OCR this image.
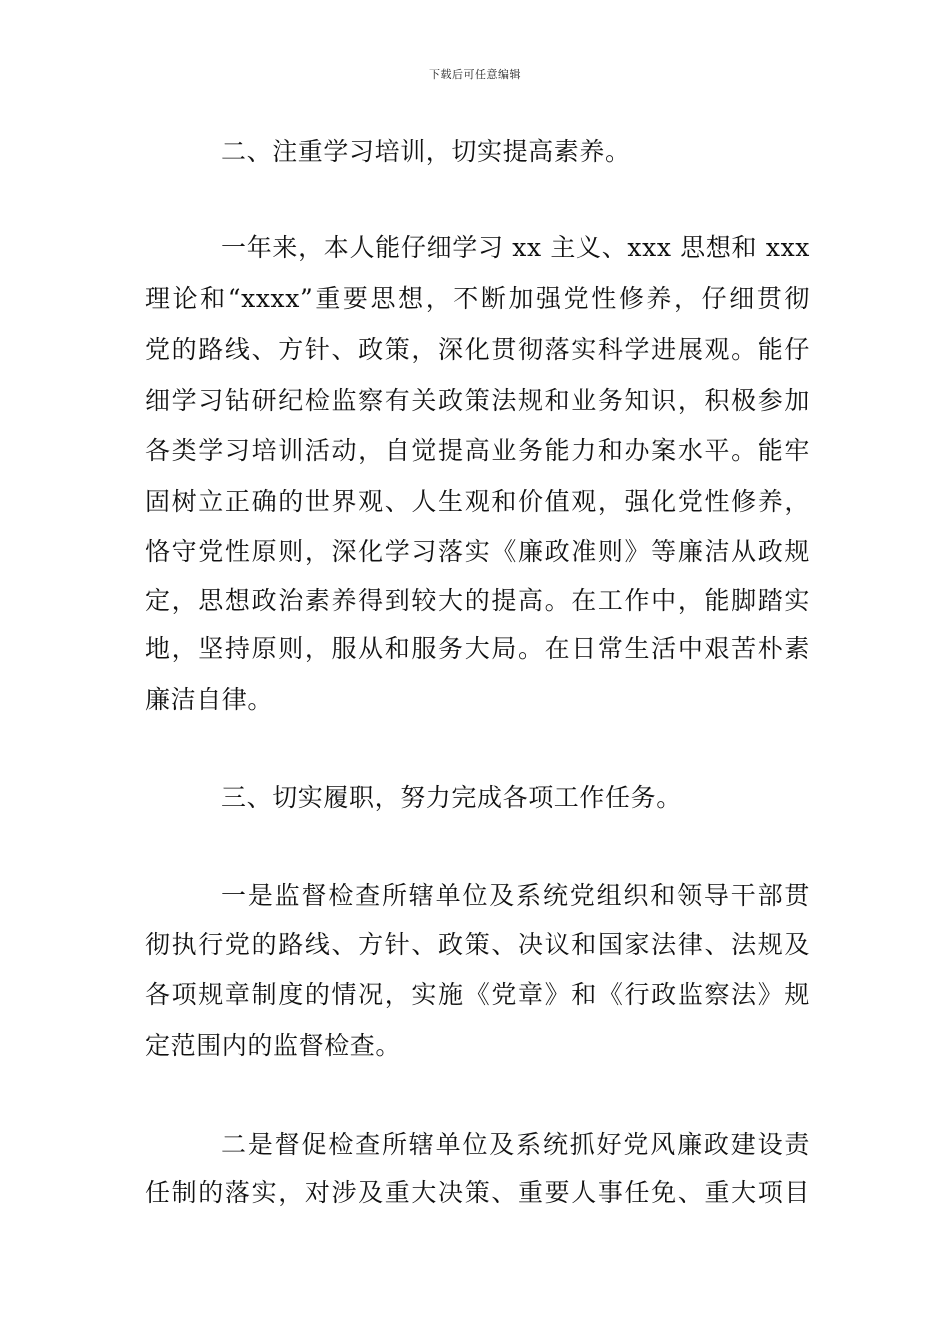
下载后可任意编辑
二、注重学习培训，切实提高素养。
一年来，本人能仔细学习 xx 主义、xxx 思想和 xxx
理论和“xxxx”重要思想，不断加强党性修养，仔细贯彻
党的路线、方针、政策，深化贯彻落实科学进展观。能仔
细学习钻研纪检监察有关政策法规和业务知识，积极参加
各类学习培训活动，自觉提高业务能力和办案水平。能牢
固树立正确的世界观、人生观和价值观，强化党性修养，
恪守党性原则，深化学习落实《廉政准则》等廉洁从政规
定，思想政治素养得到较大的提高。在工作中，能脚踏实
地，坚持原则，服从和服务大局。在日常生活中艰苦朴素
廉洁自律。
三、切实履职，努力完成各项工作任务。
一是监督检查所辖单位及系统党组织和领导干部贯
彻执行党的路线、方针、政策、决议和国家法律、法规及
各项规章制度的情况，实施《党章》和《行政监察法》规
定范围内的监督检查。
二是督促检查所辖单位及系统抓好党风廉政建设责
任制的落实，对涉及重大决策、重要人事任免、重大项目
